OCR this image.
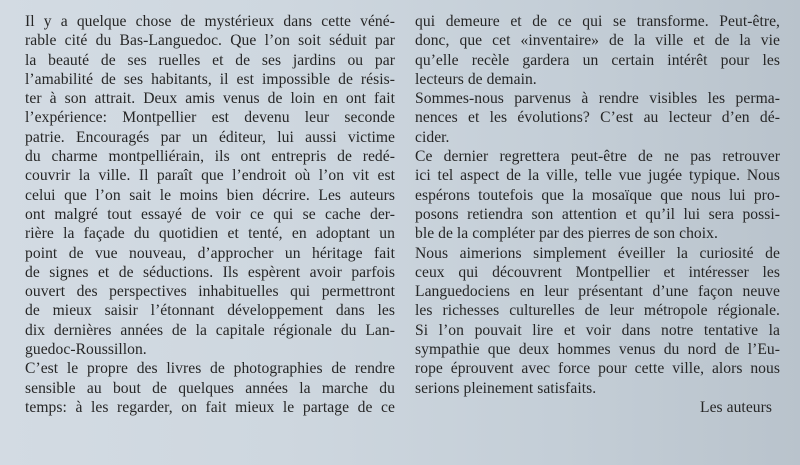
Il y a quelque chose de mystérieux dans cette véné-
rable cité du Bas-Languedoc. Que l’on soit séduit par
la beauté de ses ruelles et de ses jardins ou par
l’amabilité de ses habitants, il est impossible de résis-
ter à son attrait. Deux amis venus de loin en ont fait
l’expérience: Montpellier est devenu leur seconde
patrie. Encouragés par un éditeur, lui aussi victime
du charme montpelliérain, ils ont entrepris de redé-
couvrir la ville. Il paraît que l’endroit où l’on vit est
celui que l’on sait le moins bien décrire. Les auteurs
ont malgré tout essayé de voir ce qui se cache der-
rière la façade du quotidien et tenté, en adoptant un
point de vue nouveau, d’approcher un héritage fait
de signes et de séductions. Ils espèrent avoir parfois
ouvert des perspectives inhabituelles qui permettront
de mieux saisir l’étonnant développement dans les
dix dernières années de la capitale régionale du Lan-
guedoc-Roussillon.
C’est le propre des livres de photographies de rendre
sensible au bout de quelques années la marche du
temps: à les regarder, on fait mieux le partage de ce
qui demeure et de ce qui se transforme. Peut-être,
donc, que cet «inventaire» de la ville et de la vie
qu’elle recèle gardera un certain intérêt pour les
lecteurs de demain.
Sommes-nous parvenus à rendre visibles les perma-
nences et les évolutions? C’est au lecteur d’en dé-
cider.
Ce dernier regrettera peut-être de ne pas retrouver
ici tel aspect de la ville, telle vue jugée typique. Nous
espérons toutefois que la mosaïque que nous lui pro-
posons retiendra son attention et qu’il lui sera possi-
ble de la compléter par des pierres de son choix.
Nous aimerions simplement éveiller la curiosité de
ceux qui découvrent Montpellier et intéresser les
Languedociens en leur présentant d’une façon neuve
les richesses culturelles de leur métropole régionale.
Si l’on pouvait lire et voir dans notre tentative la
sympathie que deux hommes venus du nord de l’Eu-
rope éprouvent avec force pour cette ville, alors nous
serions pleinement satisfaits.
Les auteurs
